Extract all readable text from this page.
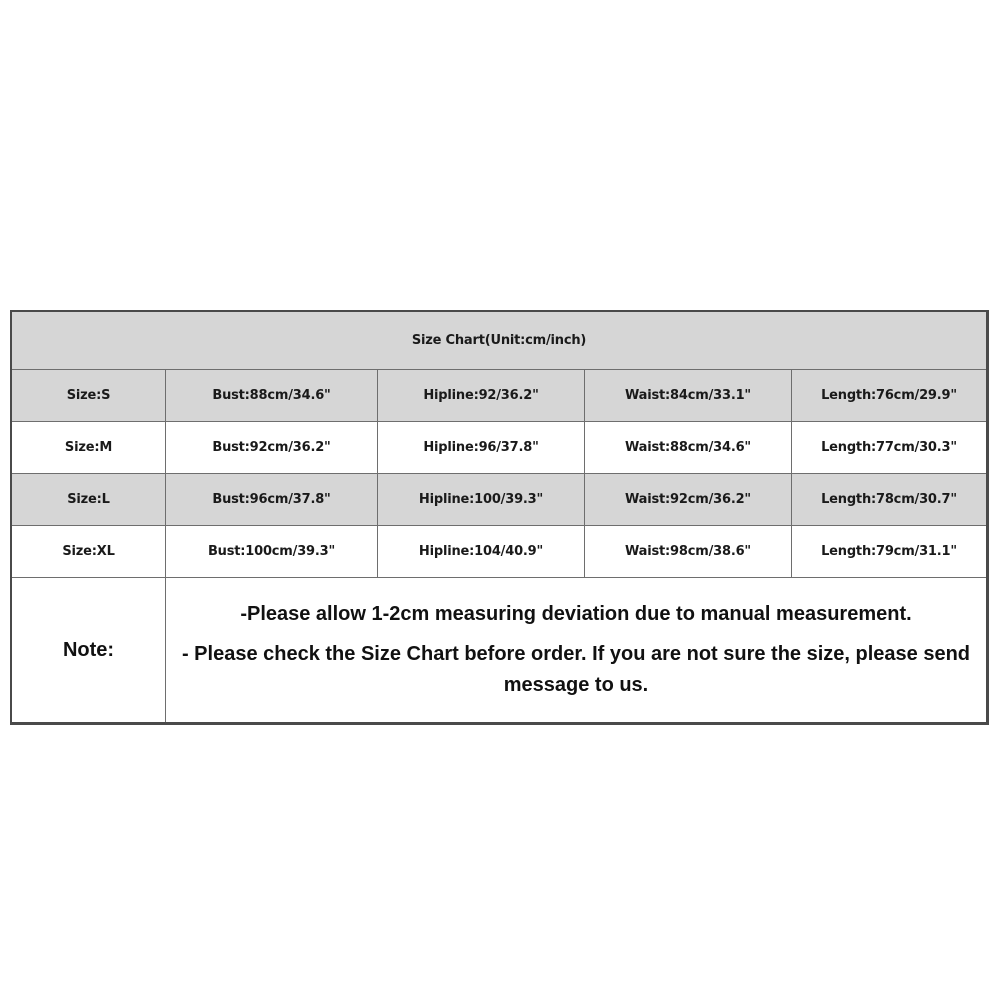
Size Chart(Unit:cm/inch)
Size:S	Bust:88cm/34.6"	Hipline:92/36.2"	Waist:84cm/33.1"	Length:76cm/29.9"
Size:M	Bust:92cm/36.2"	Hipline:96/37.8"	Waist:88cm/34.6"	Length:77cm/30.3"
Size:L	Bust:96cm/37.8"	Hipline:100/39.3"	Waist:92cm/36.2"	Length:78cm/30.7"
Size:XL	Bust:100cm/39.3"	Hipline:104/40.9"	Waist:98cm/38.6"	Length:79cm/31.1"
Note:
-Please allow 1-2cm measuring deviation due to manual measurement.
- Please check the Size Chart before order. If you are not sure the size, please send message to us.
